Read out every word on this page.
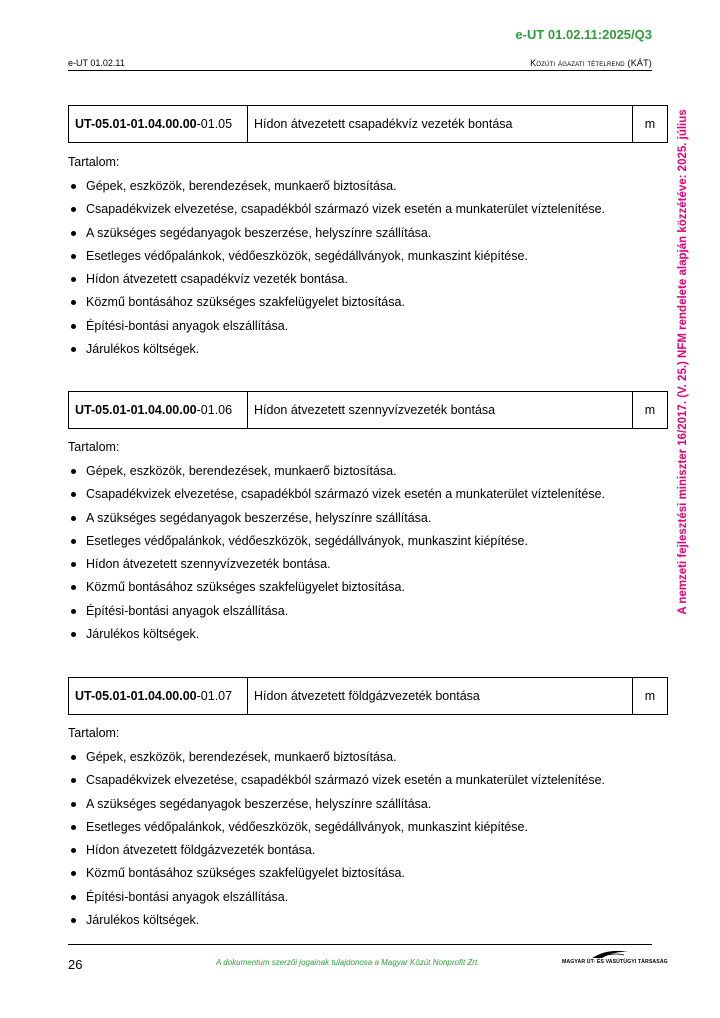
e-UT 01.02.11:2025/Q3
e-UT 01.02.11	Közúti ágazati tételrend (KÁT)
A nemzeti fejlesztési miniszter 16/2017. (V. 25.) NFM rendelete alapján közzétéve: 2025. július
UT-05.01-01.04.00.00-01.05	Hídon átvezetett csapadékvíz vezeték bontása	m
Tartalom:
Gépek, eszközök, berendezések, munkaerő biztosítása.
Csapadékvizek elvezetése, csapadékból származó vizek esetén a munkaterület víztelenítése.
A szükséges segédanyagok beszerzése, helyszínre szállítása.
Esetleges védőpalánkok, védőeszközök, segédállványok, munkaszint kiépítése.
Hídon átvezetett csapadékvíz vezeték bontása.
Közmű bontásához szükséges szakfelügyelet biztosítása.
Építési-bontási anyagok elszállítása.
Járulékos költségek.
UT-05.01-01.04.00.00-01.06	Hídon átvezetett szennyvízvezeték bontása	m
Tartalom:
Gépek, eszközök, berendezések, munkaerő biztosítása.
Csapadékvizek elvezetése, csapadékból származó vizek esetén a munkaterület víztelenítése.
A szükséges segédanyagok beszerzése, helyszínre szállítása.
Esetleges védőpalánkok, védőeszközök, segédállványok, munkaszint kiépítése.
Hídon átvezetett szennyvízvezeték bontása.
Közmű bontásához szükséges szakfelügyelet biztosítása.
Építési-bontási anyagok elszállítása.
Járulékos költségek.
UT-05.01-01.04.00.00-01.07	Hídon átvezetett földgázvezeték bontása	m
Tartalom:
Gépek, eszközök, berendezések, munkaerő biztosítása.
Csapadékvizek elvezetése, csapadékból származó vizek esetén a munkaterület víztelenítése.
A szükséges segédanyagok beszerzése, helyszínre szállítása.
Esetleges védőpalánkok, védőeszközök, segédállványok, munkaszint kiépítése.
Hídon átvezetett földgázvezeték bontása.
Közmű bontásához szükséges szakfelügyelet biztosítása.
Építési-bontási anyagok elszállítása.
Járulékos költségek.
26	A dokumentum szerzői jogainak tulajdonosa a Magyar Közút Nonprofit Zrt.	MAGYAR ÚT- ÉS VASÚTÜGYI TÁRSASÁG
